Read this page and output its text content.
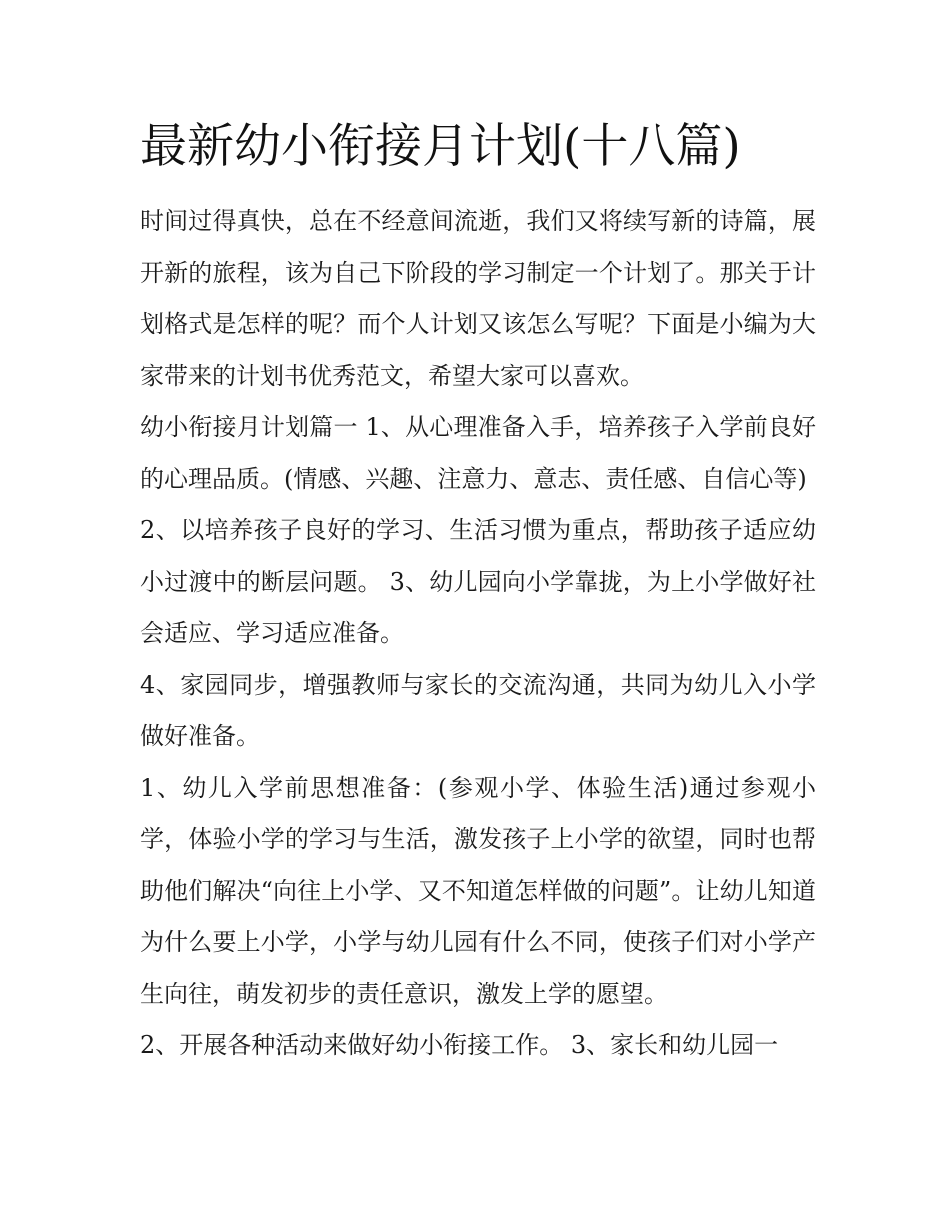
最新幼小衔接月计划(十八篇)

时间过得真快，总在不经意间流逝，我们又将续写新的诗篇，展开新的旅程，该为自己下阶段的学习制定一个计划了。那关于计划格式是怎样的呢？而个人计划又该怎么写呢？下面是小编为大家带来的计划书优秀范文，希望大家可以喜欢。

幼小衔接月计划篇一 1、从心理准备入手，培养孩子入学前良好的心理品质。(情感、兴趣、注意力、意志、责任感、自信心等)

2、以培养孩子良好的学习、生活习惯为重点，帮助孩子适应幼小过渡中的断层问题。 3、幼儿园向小学靠拢，为上小学做好社会适应、学习适应准备。

4、家园同步，增强教师与家长的交流沟通，共同为幼儿入小学做好准备。

1、幼儿入学前思想准备：(参观小学、体验生活)通过参观小学，体验小学的学习与生活，激发孩子上小学的欲望，同时也帮助他们解决“向往上小学、又不知道怎样做的问题”。让幼儿知道为什么要上小学，小学与幼儿园有什么不同，使孩子们对小学产生向往，萌发初步的责任意识，激发上学的愿望。

2、开展各种活动来做好幼小衔接工作。 3、家长和幼儿园一
